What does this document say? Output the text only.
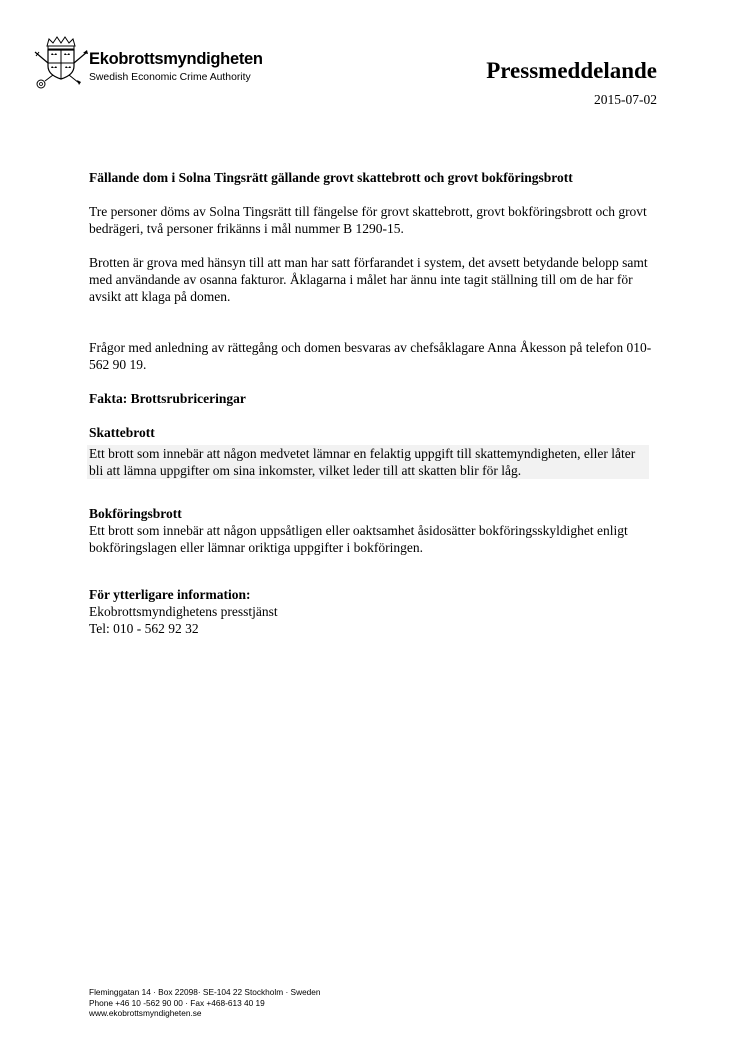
Ekobrottsmyndigheten
Swedish Economic Crime Authority	Pressmeddelande
2015-07-02

Fällande dom i Solna Tingsrätt gällande grovt skattebrott och grovt bokföringsbrott

Tre personer döms av Solna Tingsrätt till fängelse för grovt skattebrott, grovt bokföringsbrott och grovt bedrägeri, två personer frikänns i mål nummer B 1290-15.

Brotten är grova med hänsyn till att man har satt förfarandet i system, det avsett betydande belopp samt med användande av osanna fakturor. Åklagarna i målet har ännu inte tagit ställning till om de har för avsikt att klaga på domen.

Frågor med anledning av rättegång och domen besvaras av chefsåklagare Anna Åkesson på telefon 010-562 90 19.

Fakta: Brottsrubriceringar

Skattebrott

Ett brott som innebär att någon medvetet lämnar en felaktig uppgift till skattemyndigheten, eller låter bli att lämna uppgifter om sina inkomster, vilket leder till att skatten blir för låg.

Bokföringsbrott

Ett brott som innebär att någon uppsåtligen eller oaktsamhet åsidosätter bokföringsskyldighet enligt bokföringslagen eller lämnar oriktiga uppgifter i bokföringen.

För ytterligare information:

Ekobrottsmyndighetens presstjänst

Tel: 010 - 562 92 32

Fleminggatan 14 · Box 22098· SE-104 22 Stockholm · Sweden
Phone +46 10 -562 90 00 · Fax +468-613 40 19
www.ekobrottsmyndigheten.se
